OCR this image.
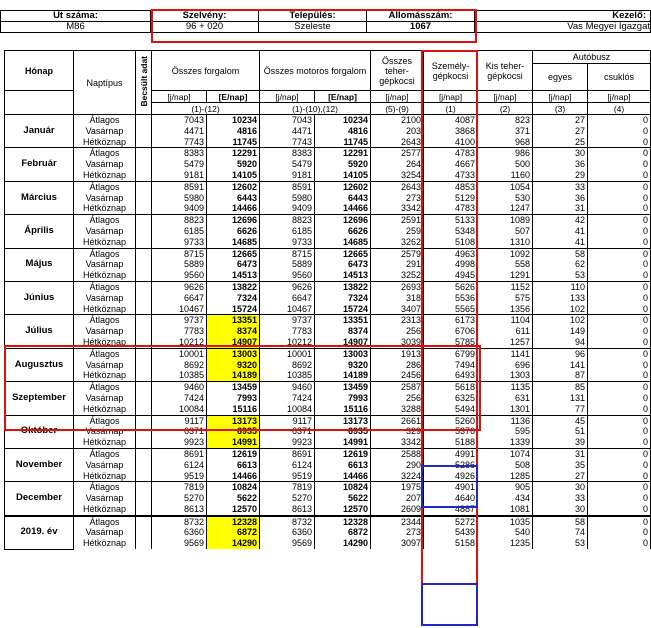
Út száma:	Szelvény:	Település:	Állomásszám:	Kezelő:
M86	96 + 020	Szeleste	1067	Vas Megyei Igazgat
Hónap	Naptípus	Becsült adat	Összes forgalom		Összes motoros forgalom		Összes teher-gépkocsi	Személy-gépkocsi	Kis teher-gépkocsi	Autóbusz	
										egyes	csuklós
			[j/nap]	[E/nap]	[j/nap]	[E/nap]	[j/nap]	[j/nap]	[j/nap]	[j/nap]	[j/nap]
			(1)-(12)		(1)-(10),(12)		(5)-(9)	(1)	(2)	(3)	(4)
Január	Átlagos		7043	10234	7043	10234	2100	4087	823	27	0
	Vasárnap		4471	4816	4471	4816	203	3868	371	27	0
	Hétköznap		7743	11745	7743	11745	2643	4100	968	25	0
Február	Átlagos		8383	12291	8383	12291	2577	4783	986	30	0
	Vasárnap		5479	5920	5479	5920	264	4667	500	36	0
	Hétköznap		9181	14105	9181	14105	3254	4733	1160	29	0
Március	Átlagos		8591	12602	8591	12602	2643	4853	1054	33	0
	Vasárnap		5980	6443	5980	6443	273	5129	530	36	0
	Hétköznap		9409	14466	9409	14466	3342	4783	1247	31	0
Április	Átlagos		8823	12696	8823	12696	2591	5133	1089	42	0
	Vasárnap		6185	6626	6185	6626	259	5348	507	41	0
	Hétköznap		9733	14685	9733	14685	3262	5108	1310	41	0
Május	Átlagos		8715	12665	8715	12665	2579	4963	1092	58	0
	Vasárnap		5889	6473	5889	6473	291	4998	558	62	0
	Hétköznap		9560	14513	9560	14513	3252	4945	1291	53	0
Június	Átlagos		9626	13822	9626	13822	2693	5626	1152	110	0
	Vasárnap		6647	7324	6647	7324	318	5536	575	133	0
	Hétköznap		10467	15724	10467	15724	3407	5565	1356	102	0
Július	Átlagos		9737	13351	9737	13351	2313	6173	1104	102	0
	Vasárnap		7783	8374	7783	8374	256	6706	611	149	0
	Hétköznap		10212	14907	10212	14907	3039	5785	1257	94	0
Augusztus	Átlagos		10001	13003	10001	13003	1913	6799	1141	96	0
	Vasárnap		8692	9320	8692	9320	286	7494	696	141	0
	Hétköznap		10385	14189	10385	14189	2456	6493	1303	87	0
Szeptember	Átlagos		9460	13459	9460	13459	2587	5618	1135	85	0
	Vasárnap		7424	7993	7424	7993	256	6325	631	131	0
	Hétköznap		10084	15116	10084	15116	3288	5494	1301	77	0
Október	Átlagos		9117	13173	9117	13173	2661	5260	1136	45	0
	Vasárnap		6371	6935	6371	6935	329	5376	595	51	0
	Hétköznap		9923	14991	9923	14991	3342	5188	1339	39	0
November	Átlagos		8691	12619	8691	12619	2588	4991	1074	31	0
	Vasárnap		6124	6613	6124	6613	290	5286	508	35	0
	Hétköznap		9519	14466	9519	14466	3224	4926	1285	27	0
December	Átlagos		7819	10824	7819	10824	1975	4901	905	30	0
	Vasárnap		5270	5622	5270	5622	207	4640	434	33	0
	Hétköznap		8613	12570	8613	12570	2609	4887	1081	30	0
2019. év	Átlagos		8732	12328	8732	12328	2344	5272	1035	58	0
	Vasárnap		6360	6872	6360	6872	273	5439	540	74	0
	Hétköznap		9569	14290	9569	14290	3097	5158	1235	53	0
